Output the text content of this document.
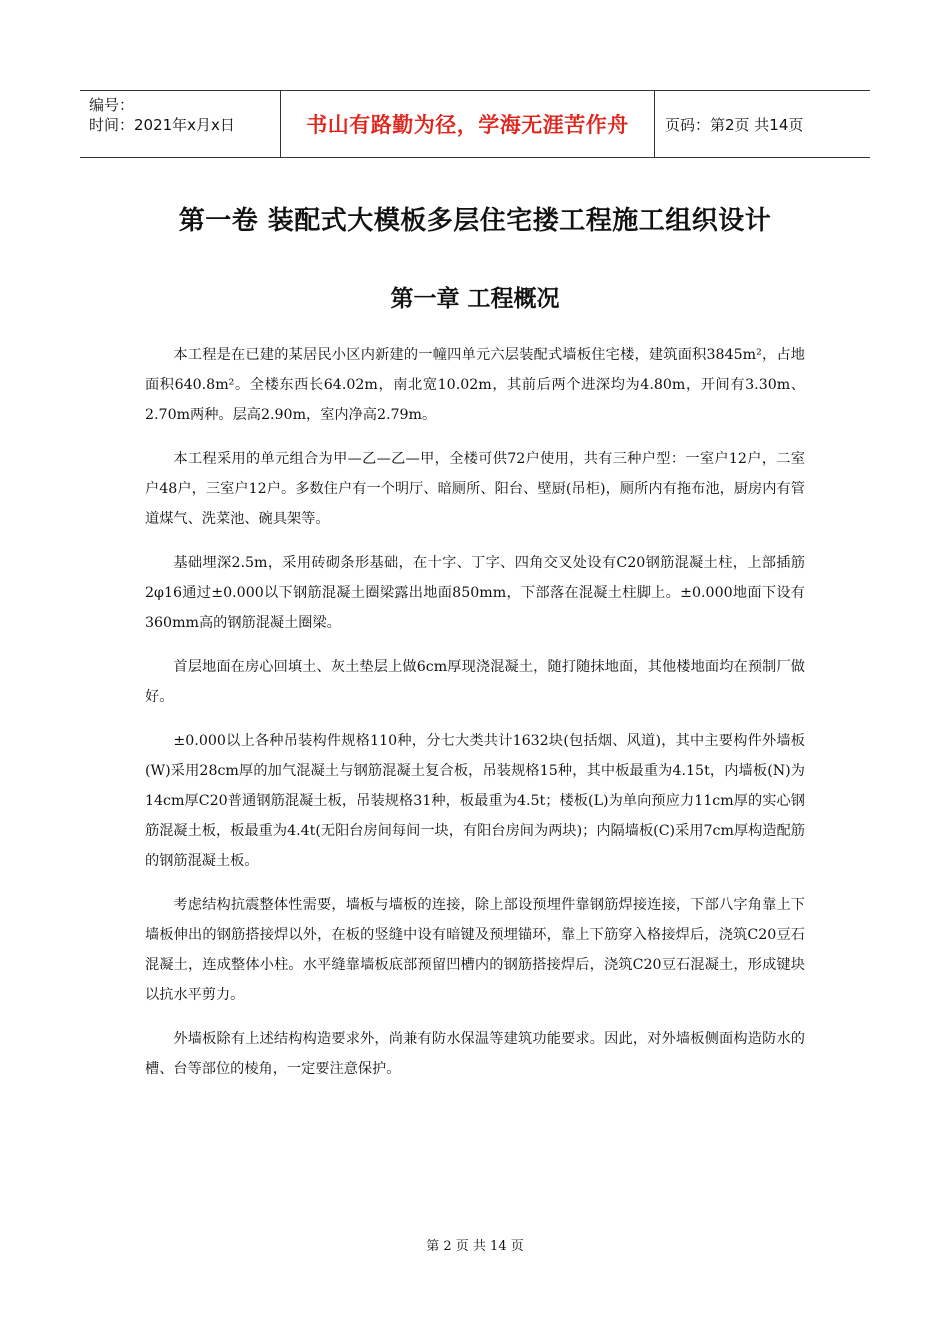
编号：
时间：2021年x月x日	书山有路勤为径，学海无涯苦作舟	页码：第2页 共14页
第一卷 装配式大模板多层住宅搂工程施工组织设计
第一章 工程概况

本工程是在已建的某居民小区内新建的一幢四单元六层装配式墙板住宅楼，建筑面积3845m²，占地面积640.8m²。全楼东西长64.02m，南北宽10.02m，其前后两个进深均为4.80m，开间有3.30m、2.70m两种。层高2.90m，室内净高2.79m。

本工程采用的单元组合为甲—乙—乙—甲，全楼可供72户使用，共有三种户型：一室户12户，二室户48户，三室户12户。多数住户有一个明厅、暗厕所、阳台、壁厨(吊柜)，厕所内有拖布池，厨房内有管道煤气、洗菜池、碗具架等。

基础埋深2.5m，采用砖砌条形基础，在十字、丁字、四角交叉处设有C20钢筋混凝土柱，上部插筋2φ16通过±0.000以下钢筋混凝土圈梁露出地面850mm，下部落在混凝土柱脚上。±0.000地面下设有360mm高的钢筋混凝土圈梁。

首层地面在房心回填土、灰土垫层上做6cm厚现浇混凝土，随打随抹地面，其他楼地面均在预制厂做好。

±0.000以上各种吊装构件规格110种，分七大类共计1632块(包括烟、风道)，其中主要构件外墙板(W)采用28cm厚的加气混凝土与钢筋混凝土复合板，吊装规格15种，其中板最重为4.15t，内墙板(N)为14cm厚C20普通钢筋混凝土板，吊装规格31种，板最重为4.5t；楼板(L)为单向预应力11cm厚的实心钢筋混凝土板，板最重为4.4t(无阳台房间每间一块，有阳台房间为两块)；内隔墙板(C)采用7cm厚构造配筋的钢筋混凝土板。

考虑结构抗震整体性需要，墙板与墙板的连接，除上部设预埋件靠钢筋焊接连接，下部八字角靠上下墙板伸出的钢筋搭接焊以外，在板的竖缝中设有暗键及预埋锚环，靠上下筋穿入格接焊后，浇筑C20豆石混凝土，连成整体小柱。水平缝靠墙板底部预留凹槽内的钢筋搭接焊后，浇筑C20豆石混凝土，形成键块以抗水平剪力。

外墙板除有上述结构构造要求外，尚兼有防水保温等建筑功能要求。因此，对外墙板侧面构造防水的槽、台等部位的棱角，一定要注意保护。

第 2 页 共 14 页
